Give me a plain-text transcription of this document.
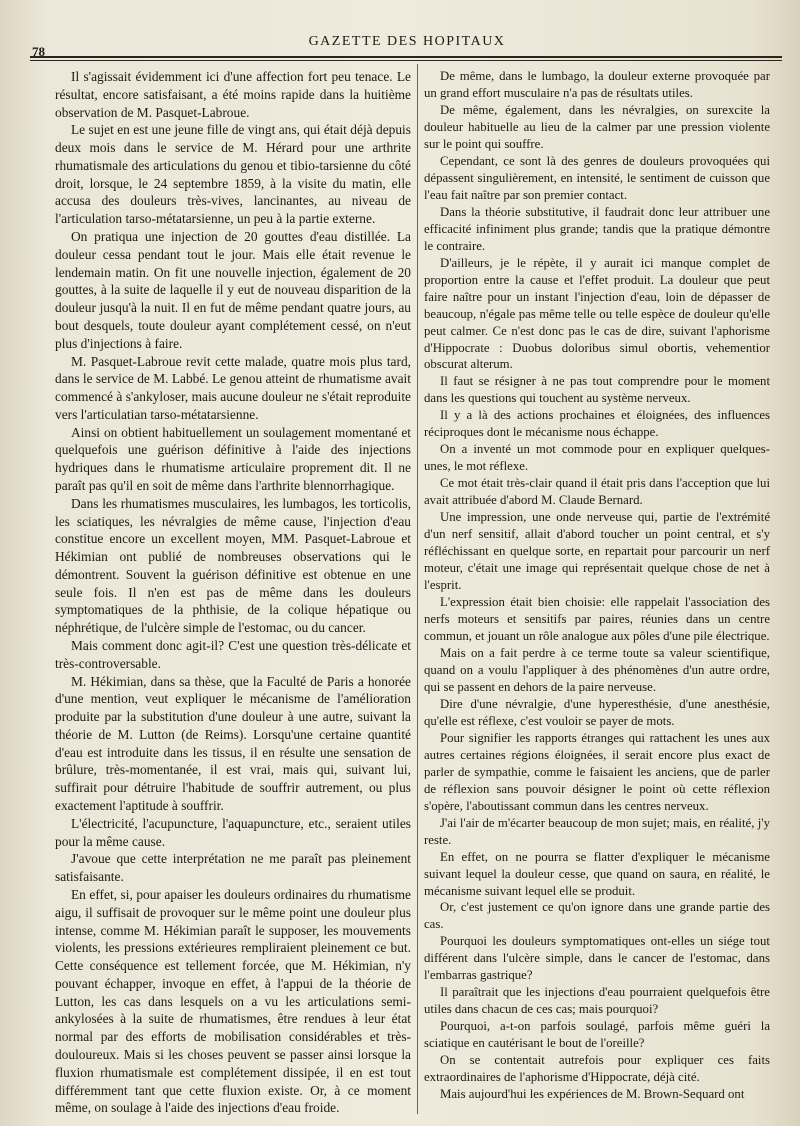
78
GAZETTE DES HOPITAUX

Il s'agissait évidemment ici d'une affection fort peu tenace. Le résultat, encore satisfaisant, a été moins rapide dans la huitième observation de M. Pasquet-Labroue.

Le sujet en est une jeune fille de vingt ans, qui était déjà depuis deux mois dans le service de M. Hérard pour une arthrite rhumatismale des articulations du genou et tibio-tarsienne du côté droit, lorsque, le 24 septembre 1859, à la visite du matin, elle accusa des douleurs très-vives, lancinantes, au niveau de l'articulation tarso-métatarsienne, un peu à la partie externe.

On pratiqua une injection de 20 gouttes d'eau distillée. La douleur cessa pendant tout le jour. Mais elle était revenue le lendemain matin. On fit une nouvelle injection, également de 20 gouttes, à la suite de laquelle il y eut de nouveau disparition de la douleur jusqu'à la nuit. Il en fut de même pendant quatre jours, au bout desquels, toute douleur ayant complétement cessé, on n'eut plus d'injections à faire.

M. Pasquet-Labroue revit cette malade, quatre mois plus tard, dans le service de M. Labbé. Le genou atteint de rhumatisme avait commencé à s'ankyloser, mais aucune douleur ne s'était reproduite vers l'articulatian tarso-métatarsienne.

Ainsi on obtient habituellement un soulagement momentané et quelquefois une guérison définitive à l'aide des injections hydriques dans le rhumatisme articulaire proprement dit. Il ne paraît pas qu'il en soit de même dans l'arthrite blennorrhagique.

Dans les rhumatismes musculaires, les lumbagos, les torticolis, les sciatiques, les névralgies de même cause, l'injection d'eau constitue encore un excellent moyen, MM. Pasquet-Labroue et Hékimian ont publié de nombreuses observations qui le démontrent. Souvent la guérison définitive est obtenue en une seule fois. Il n'en est pas de même dans les douleurs symptomatiques de la phthisie, de la colique hépatique ou néphrétique, de l'ulcère simple de l'estomac, ou du cancer.

Mais comment donc agit-il? C'est une question très-délicate et très-controversable.

M. Hékimian, dans sa thèse, que la Faculté de Paris a honorée d'une mention, veut expliquer le mécanisme de l'amélioration produite par la substitution d'une douleur à une autre, suivant la théorie de M. Lutton (de Reims). Lorsqu'une certaine quantité d'eau est introduite dans les tissus, il en résulte une sensation de brûlure, très-momentanée, il est vrai, mais qui, suivant lui, suffirait pour détruire l'habitude de souffrir autrement, ou plus exactement l'aptitude à souffrir.

L'électricité, l'acupuncture, l'aquapuncture, etc., seraient utiles pour la même cause.

J'avoue que cette interprétation ne me paraît pas pleinement satisfaisante.

En effet, si, pour apaiser les douleurs ordinaires du rhumatisme aigu, il suffisait de provoquer sur le même point une douleur plus intense, comme M. Hékimian paraît le supposer, les mouvements violents, les pressions extérieures rempliraient pleinement ce but. Cette conséquence est tellement forcée, que M. Hékimian, n'y pouvant échapper, invoque en effet, à l'appui de la théorie de Lutton, les cas dans lesquels on a vu les articulations semi-ankylosées à la suite de rhumatismes, être rendues à leur état normal par des efforts de mobilisation considérables et très-douloureux. Mais si les choses peuvent se passer ainsi lorsque la fluxion rhumatismale est complétement dissipée, il en est tout différemment tant que cette fluxion existe. Or, à ce moment même, on soulage à l'aide des injections d'eau froide.

De même, dans le lumbago, la douleur externe provoquée par un grand effort musculaire n'a pas de résultats utiles.

De même, également, dans les névralgies, on surexcite la douleur habituelle au lieu de la calmer par une pression violente sur le point qui souffre.

Cependant, ce sont là des genres de douleurs provoquées qui dépassent singulièrement, en intensité, le sentiment de cuisson que l'eau fait naître par son premier contact.

Dans la théorie substitutive, il faudrait donc leur attribuer une efficacité infiniment plus grande; tandis que la pratique démontre le contraire.

D'ailleurs, je le répète, il y aurait ici manque complet de proportion entre la cause et l'effet produit. La douleur que peut faire naître pour un instant l'injection d'eau, loin de dépasser de beaucoup, n'égale pas même telle ou telle espèce de douleur qu'elle peut calmer. Ce n'est donc pas le cas de dire, suivant l'aphorisme d'Hippocrate : Duobus doloribus simul obortis, vehementior obscurat alterum.

Il faut se résigner à ne pas tout comprendre pour le moment dans les questions qui touchent au système nerveux.

Il y a là des actions prochaines et éloignées, des influences réciproques dont le mécanisme nous échappe.

On a inventé un mot commode pour en expliquer quelques-unes, le mot réflexe.

Ce mot était très-clair quand il était pris dans l'acception que lui avait attribuée d'abord M. Claude Bernard.

Une impression, une onde nerveuse qui, partie de l'extrémité d'un nerf sensitif, allait d'abord toucher un point central, et s'y réfléchissant en quelque sorte, en repartait pour parcourir un nerf moteur, c'était une image qui représentait quelque chose de net à l'esprit.

L'expression était bien choisie: elle rappelait l'association des nerfs moteurs et sensitifs par paires, réunies dans un centre commun, et jouant un rôle analogue aux pôles d'une pile électrique.

Mais on a fait perdre à ce terme toute sa valeur scientifique, quand on a voulu l'appliquer à des phénomènes d'un autre ordre, qui se passent en dehors de la paire nerveuse.

Dire d'une névralgie, d'une hyperesthésie, d'une anesthésie, qu'elle est réflexe, c'est vouloir se payer de mots.

Pour signifier les rapports étranges qui rattachent les unes aux autres certaines régions éloignées, il serait encore plus exact de parler de sympathie, comme le faisaient les anciens, que de parler de réflexion sans pouvoir désigner le point où cette réflexion s'opère, l'aboutissant commun dans les centres nerveux.

J'ai l'air de m'écarter beaucoup de mon sujet; mais, en réalité, j'y reste.

En effet, on ne pourra se flatter d'expliquer le mécanisme suivant lequel la douleur cesse, que quand on saura, en réalité, le mécanisme suivant lequel elle se produit.

Or, c'est justement ce qu'on ignore dans une grande partie des cas.

Pourquoi les douleurs symptomatiques ont-elles un siége tout différent dans l'ulcère simple, dans le cancer de l'estomac, dans l'embarras gastrique?

Il paraîtrait que les injections d'eau pourraient quelquefois être utiles dans chacun de ces cas; mais pourquoi?

Pourquoi, a-t-on parfois soulagé, parfois même guéri la sciatique en cautérisant le bout de l'oreille?

On se contentait autrefois pour expliquer ces faits extraordinaires de l'aphorisme d'Hippocrate, déjà cité.

Mais aujourd'hui les expériences de M. Brown-Sequard ont
